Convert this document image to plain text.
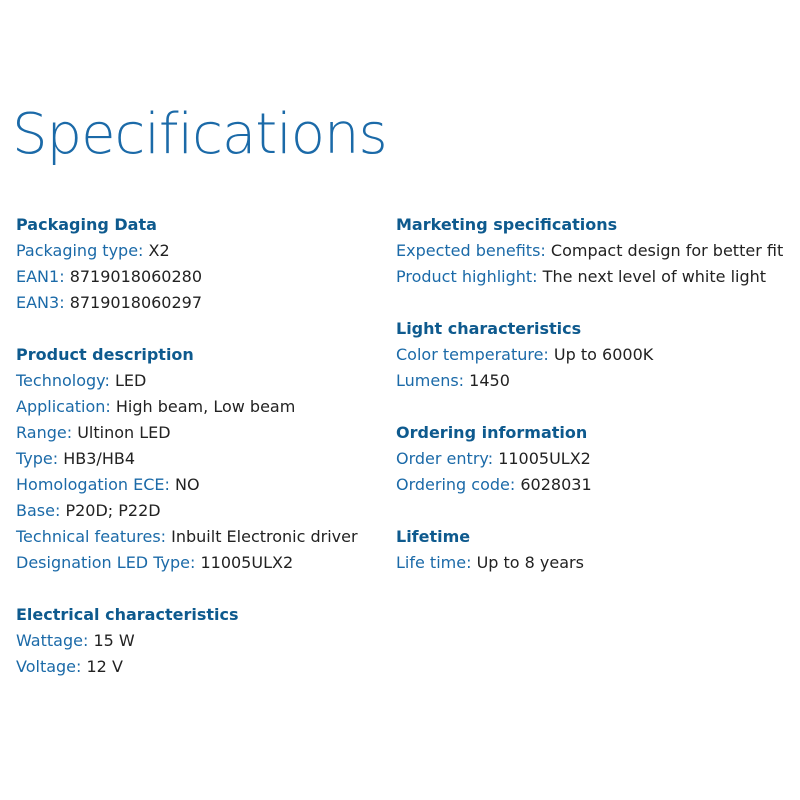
Specifications
Packaging Data
Packaging type: X2
EAN1: 8719018060280
EAN3: 8719018060297
Product description
Technology: LED
Application: High beam, Low beam
Range: Ultinon LED
Type: HB3/HB4
Homologation ECE: NO
Base: P20D; P22D
Technical features: Inbuilt Electronic driver
Designation LED Type: 11005ULX2
Electrical characteristics
Wattage: 15 W
Voltage: 12 V
Marketing specifications
Expected benefits: Compact design for better fit
Product highlight: The next level of white light
Light characteristics
Color temperature: Up to 6000K
Lumens: 1450
Ordering information
Order entry: 11005ULX2
Ordering code: 6028031
Lifetime
Life time: Up to 8 years
